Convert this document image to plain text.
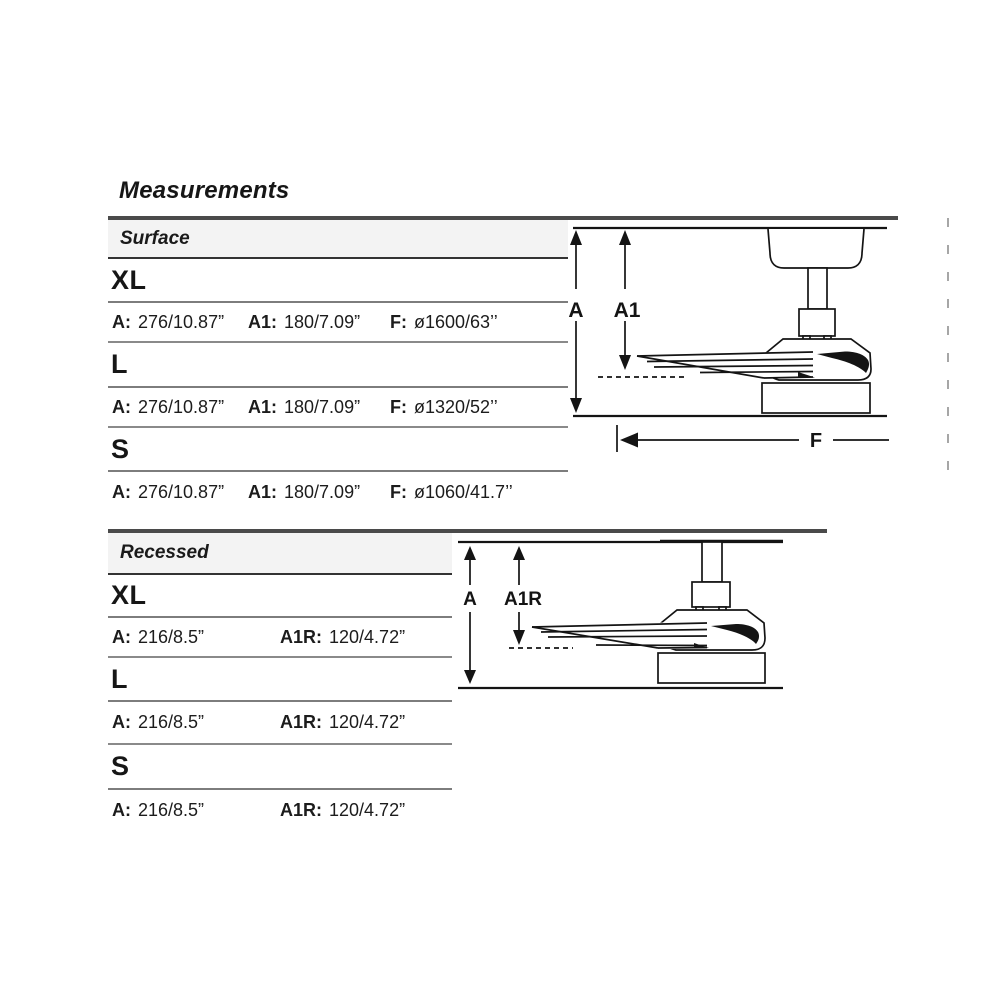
Measurements
Surface
XL
A: 276/10.87” A1: 180/7.09” F: ø1600/63’’
L
A: 276/10.87” A1: 180/7.09” F: ø1320/52’’
S
A: 276/10.87” A1: 180/7.09” F: ø1060/41.7’’
A A1
F
Recessed
XL
A: 216/8.5”	A1R: 120/4.72”
L
A: 216/8.5”	A1R: 120/4.72”
S
A: 216/8.5”	A1R: 120/4.72”
A A1R
